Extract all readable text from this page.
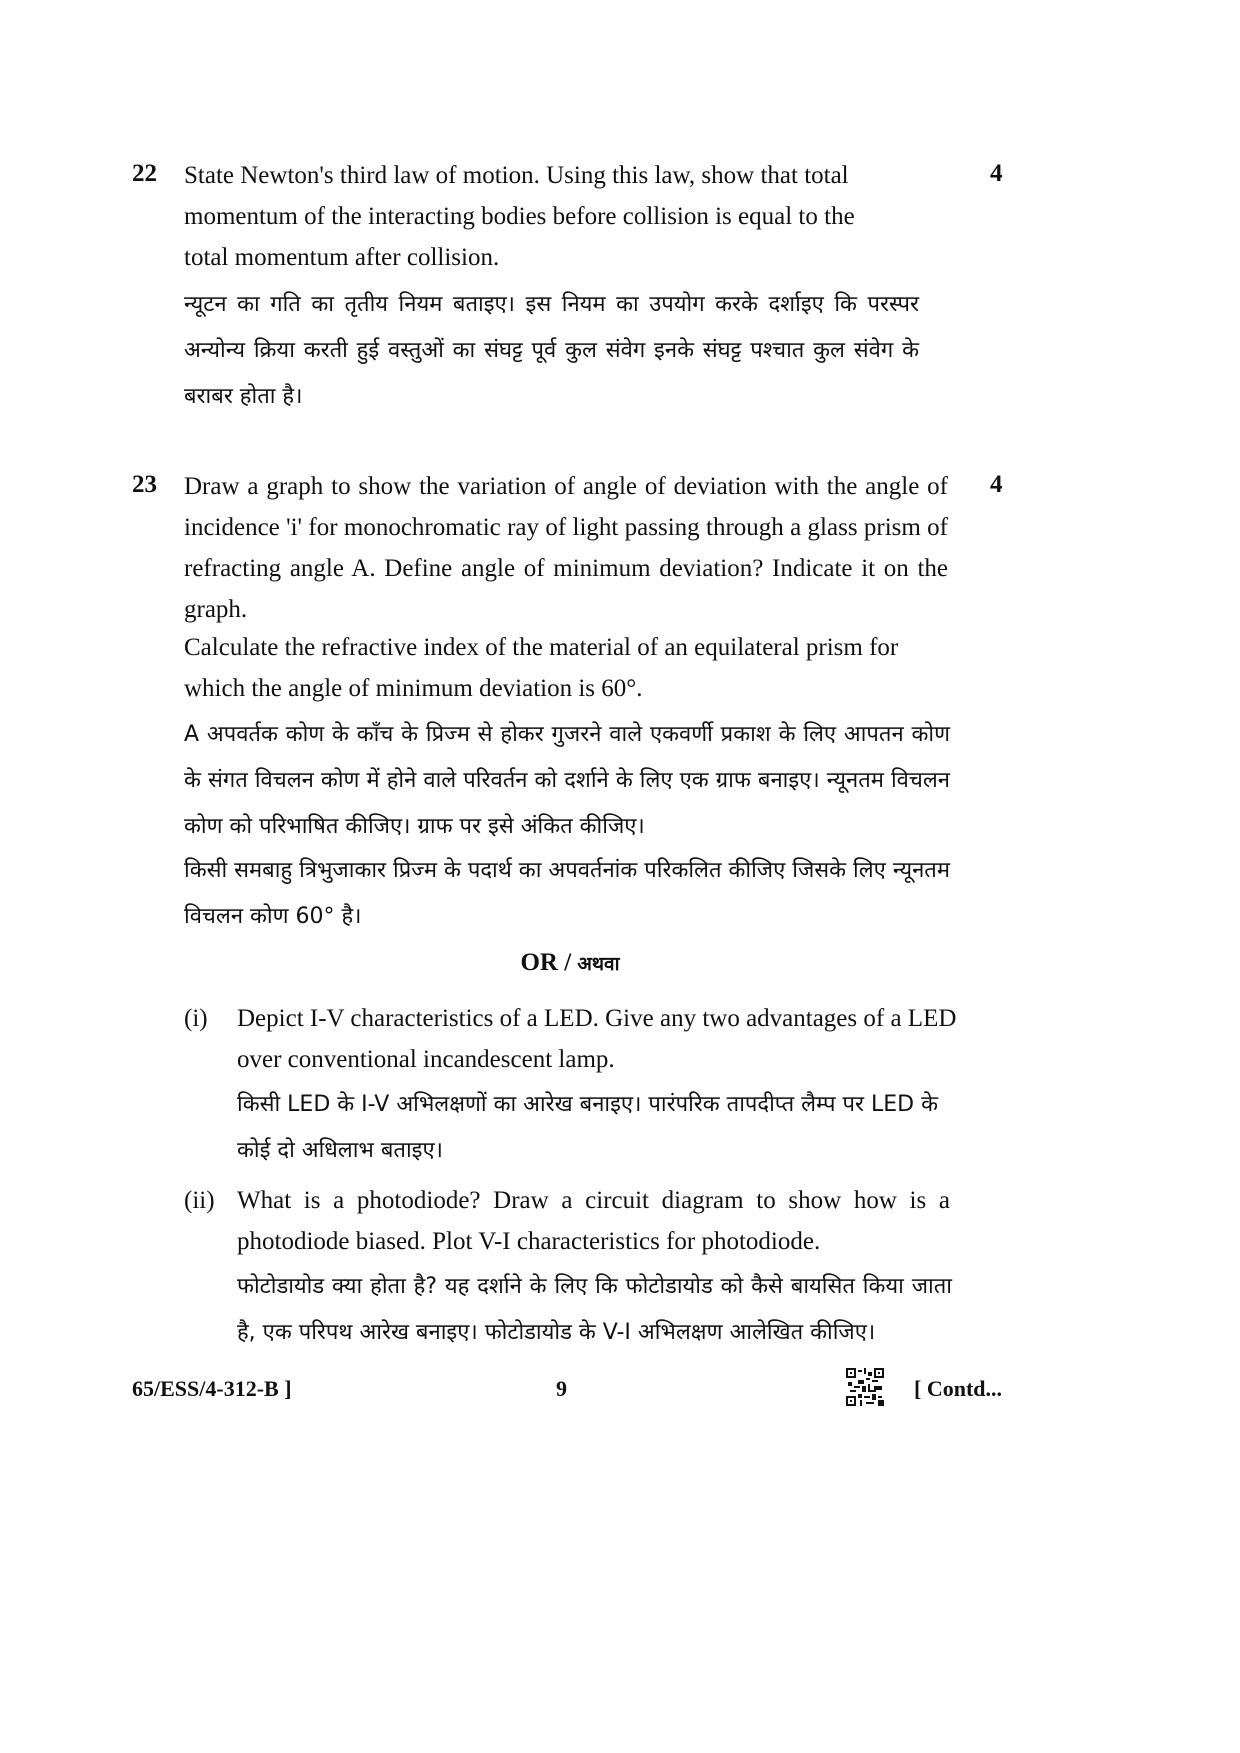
22	4
State Newton's third law of motion. Using this law, show that total momentum of the interacting bodies before collision is equal to the total momentum after collision.
न्यूटन का गति का तृतीय नियम बताइए। इस नियम का उपयोग करके दर्शाइए कि परस्पर अन्योन्य क्रिया करती हुई वस्तुओं का संघट्ट पूर्व कुल संवेग इनके संघट्ट पश्चात कुल संवेग के बराबर होता है।
23	4
Draw a graph to show the variation of angle of deviation with the angle of incidence 'i' for monochromatic ray of light passing through a glass prism of refracting angle A. Define angle of minimum deviation? Indicate it on the graph.
Calculate the refractive index of the material of an equilateral prism for which the angle of minimum deviation is 60°.
A अपवर्तक कोण के काँच के प्रिज्म से होकर गुजरने वाले एकवर्णी प्रकाश के लिए आपतन कोण के संगत विचलन कोण में होने वाले परिवर्तन को दर्शाने के लिए एक ग्राफ बनाइए। न्यूनतम विचलन कोण को परिभाषित कीजिए। ग्राफ पर इसे अंकित कीजिए।
किसी समबाहु त्रिभुजाकार प्रिज्म के पदार्थ का अपवर्तनांक परिकलित कीजिए जिसके लिए न्यूनतम विचलन कोण 60° है।
OR / अथवा
(i) Depict I-V characteristics of a LED. Give any two advantages of a LED over conventional incandescent lamp.
किसी LED के I-V अभिलक्षणों का आरेख बनाइए। पारंपरिक तापदीप्त लैम्प पर LED के कोई दो अधिलाभ बताइए।
(ii) What is a photodiode? Draw a circuit diagram to show how is a photodiode biased. Plot V-I characteristics for photodiode.
फोटोडायोड क्या होता है? यह दर्शाने के लिए कि फोटोडायोड को कैसे बायसित किया जाता है, एक परिपथ आरेख बनाइए। फोटोडायोड के V-I अभिलक्षण आलेखित कीजिए।
65/ESS/4-312-B ]	9	[ Contd...
